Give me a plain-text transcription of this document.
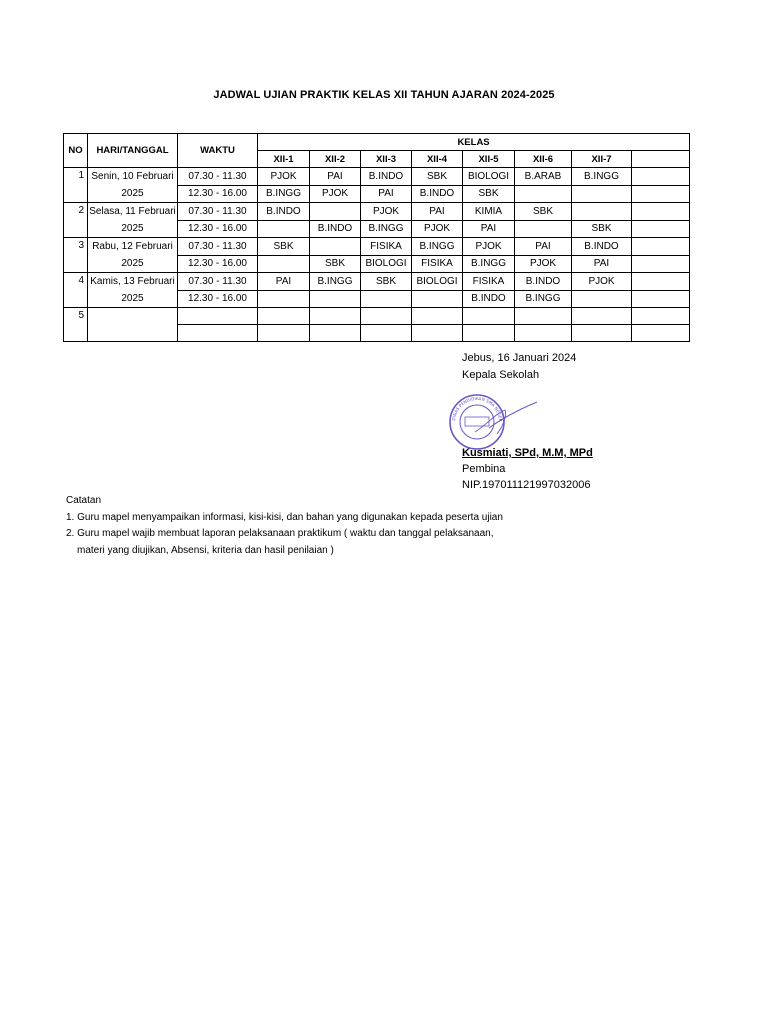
JADWAL UJIAN PRAKTIK KELAS XII TAHUN AJARAN 2024-2025
NO	HARI/TANGGAL	WAKTU	KELAS							
			XII-1	XII-2	XII-3	XII-4	XII-5	XII-6	XII-7	
1	Senin, 10 Februari 2025	07.30 - 11.30	PJOK	PAI	B.INDO	SBK	BIOLOGI	B.ARAB	B.INGG	
		12.30 - 16.00	B.INGG	PJOK	PAI	B.INDO	SBK			
2	Selasa, 11 Februari 2025	07.30 - 11.30	B.INDO		PJOK	PAI	KIMIA	SBK		
		12.30 - 16.00		B.INDO	B.INGG	PJOK	PAI		SBK	
3	Rabu, 12 Februari 2025	07.30 - 11.30	SBK		FISIKA	B.INGG	PJOK	PAI	B.INDO	
		12.30 - 16.00		SBK	BIOLOGI	FISIKA	B.INGG	PJOK	PAI	
4	Kamis, 13 Februari 2025	07.30 - 11.30	PAI	B.INGG	SBK	BIOLOGI	FISIKA	B.INDO	PJOK	
		12.30 - 16.00					B.INDO	B.INGG		
5										

Jebus, 16 Januari 2024
Kepala Sekolah
DINAS PENDIDIKAN SMA NEGER
Kusmiati, SPd, M.M, MPd
Pembina
NIP.197011121997032006
Catatan
1. Guru mapel menyampaikan informasi, kisi-kisi, dan bahan yang digunakan kepada peserta ujian
2. Guru mapel wajib membuat laporan pelaksanaan praktikum ( waktu dan tanggal pelaksanaan,
materi yang diujikan, Absensi, kriteria dan hasil penilaian )
